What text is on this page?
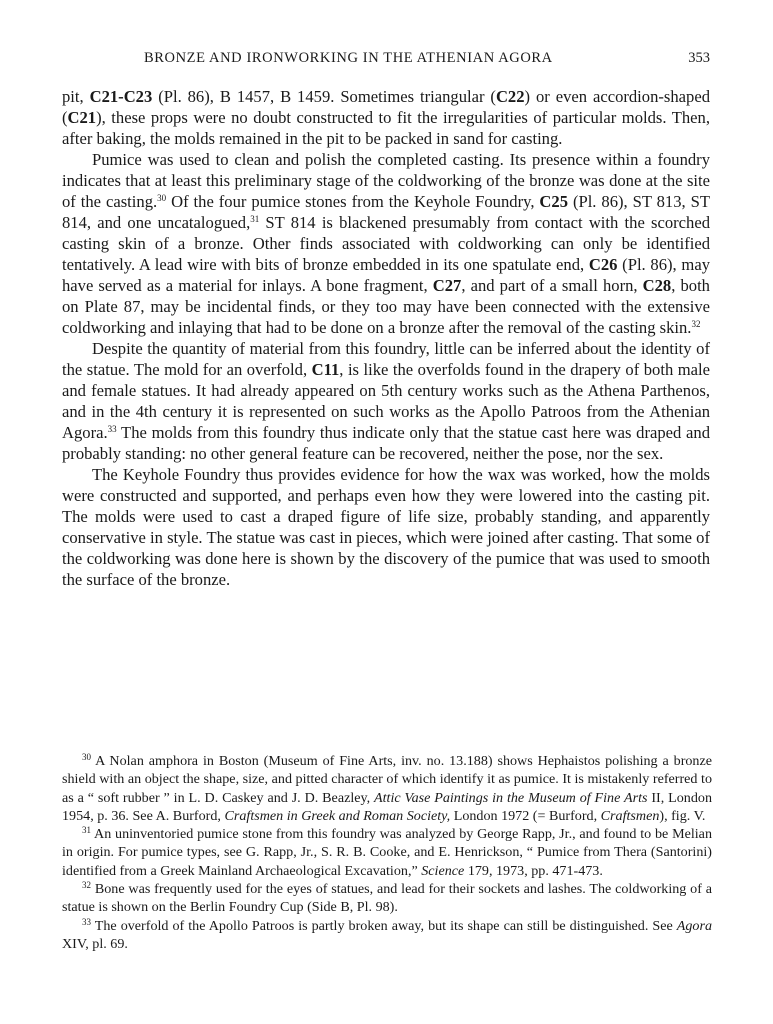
BRONZE AND IRONWORKING IN THE ATHENIAN AGORA	353

pit, C21-C23 (Pl. 86), B 1457, B 1459. Sometimes triangular (C22) or even accordion-shaped (C21), these props were no doubt constructed to fit the irregularities of particular molds. Then, after baking, the molds remained in the pit to be packed in sand for casting.

Pumice was used to clean and polish the completed casting. Its presence within a foundry indicates that at least this preliminary stage of the coldworking of the bronze was done at the site of the casting.$^{30}$ Of the four pumice stones from the Keyhole Foundry, C25 (Pl. 86), ST 813, ST 814, and one uncatalogued,$^{31}$ ST 814 is blackened presumably from contact with the scorched casting skin of a bronze. Other finds associated with coldworking can only be identified tentatively. A lead wire with bits of bronze embedded in its one spatulate end, C26 (Pl. 86), may have served as a material for inlays. A bone fragment, C27, and part of a small horn, C28, both on Plate 87, may be incidental finds, or they too may have been connected with the extensive coldworking and inlaying that had to be done on a bronze after the removal of the casting skin.$^{32}$

Despite the quantity of material from this foundry, little can be inferred about the identity of the statue. The mold for an overfold, C11, is like the overfolds found in the drapery of both male and female statues. It had already appeared on 5th century works such as the Athena Parthenos, and in the 4th century it is represented on such works as the Apollo Patroos from the Athenian Agora.$^{33}$ The molds from this foundry thus indicate only that the statue cast here was draped and probably standing: no other general feature can be recovered, neither the pose, nor the sex.

The Keyhole Foundry thus provides evidence for how the wax was worked, how the molds were constructed and supported, and perhaps even how they were lowered into the casting pit. The molds were used to cast a draped figure of life size, probably standing, and apparently conservative in style. The statue was cast in pieces, which were joined after casting. That some of the coldworking was done here is shown by the discovery of the pumice that was used to smooth the surface of the bronze.

$^{30}$ A Nolan amphora in Boston (Museum of Fine Arts, inv. no. 13.188) shows Hephaistos polishing a bronze shield with an object the shape, size, and pitted character of which identify it as pumice. It is mistakenly referred to as a “ soft rubber ” in L. D. Caskey and J. D. Beazley, Attic Vase Paintings in the Museum of Fine Arts II, London 1954, p. 36. See A. Burford, Craftsmen in Greek and Roman Society, London 1972 (= Burford, Craftsmen), fig. V.

$^{31}$ An uninventoried pumice stone from this foundry was analyzed by George Rapp, Jr., and found to be Melian in origin. For pumice types, see G. Rapp, Jr., S. R. B. Cooke, and E. Henrickson, “ Pumice from Thera (Santorini) identified from a Greek Mainland Archaeological Excavation,” Science 179, 1973, pp. 471-473.

$^{32}$ Bone was frequently used for the eyes of statues, and lead for their sockets and lashes. The coldworking of a statue is shown on the Berlin Foundry Cup (Side B, Pl. 98).

$^{33}$ The overfold of the Apollo Patroos is partly broken away, but its shape can still be distinguished. See Agora XIV, pl. 69.
